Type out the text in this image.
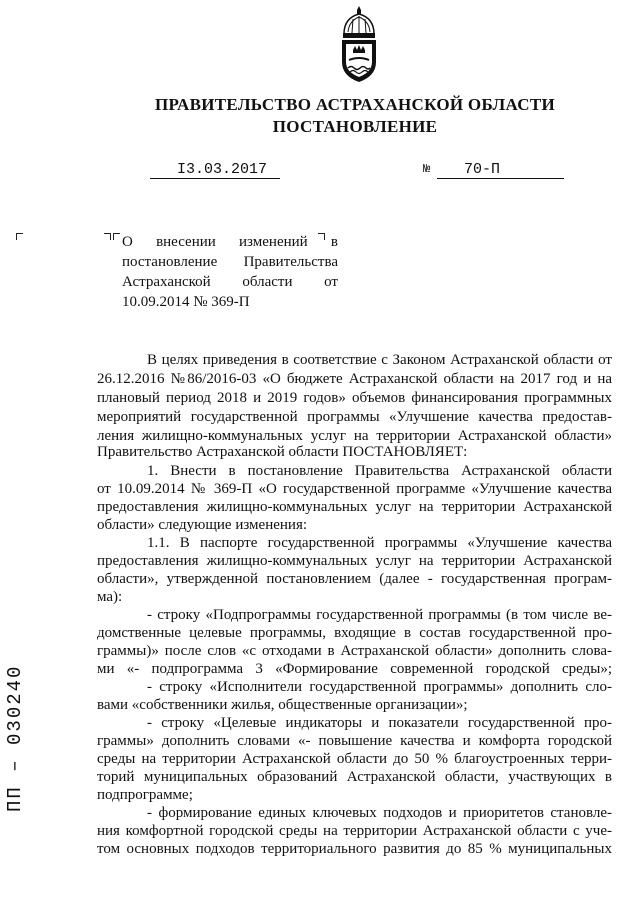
ПРАВИТЕЛЬСТВО АСТРАХАНСКОЙ ОБЛАСТИ
ПОСТАНОВЛЕНИЕ
I3.03.2017	№ 70-П
О внесении изменений в постановление Правительства Астраханской области от 10.09.2014 № 369-П
В целях приведения в соответствие с Законом Астраханской области от
26.12.2016 №86/2016-03 «О бюджете Астраханской области на 2017 год и на
плановый период 2018 и 2019 годов» объемов финансирования программных
мероприятий государственной программы «Улучшение качества предостав-
ления жилищно-коммунальных услуг на территории Астраханской области»
Правительство Астраханской области ПОСТАНОВЛЯЕТ:
1. Внести в постановление Правительства Астраханской области
от 10.09.2014 № 369-П «О государственной программе «Улучшение качества
предоставления жилищно-коммунальных услуг на территории Астраханской
области» следующие изменения:
1.1. В паспорте государственной программы «Улучшение качества
предоставления жилищно-коммунальных услуг на территории Астраханской
области», утвержденной постановлением (далее - государственная програм-
ма):
- строку «Подпрограммы государственной программы (в том числе ве-
домственные целевые программы, входящие в состав государственной про-
граммы)» после слов «с отходами в Астраханской области» дополнить слова-
ми «- подпрограмма 3 «Формирование современной городской среды»;
- строку «Исполнители государственной программы» дополнить сло-
вами «собственники жилья, общественные организации»;
- строку «Целевые индикаторы и показатели государственной про-
граммы» дополнить словами «- повышение качества и комфорта городской
среды на территории Астраханской области до 50 % благоустроенных терри-
торий муниципальных образований Астраханской области, участвующих в
подпрограмме;
- формирование единых ключевых подходов и приоритетов становле-
ния комфортной городской среды на территории Астраханской области с уче-
том основных подходов территориального развития до 85 % муниципальных
ПП – 030240
